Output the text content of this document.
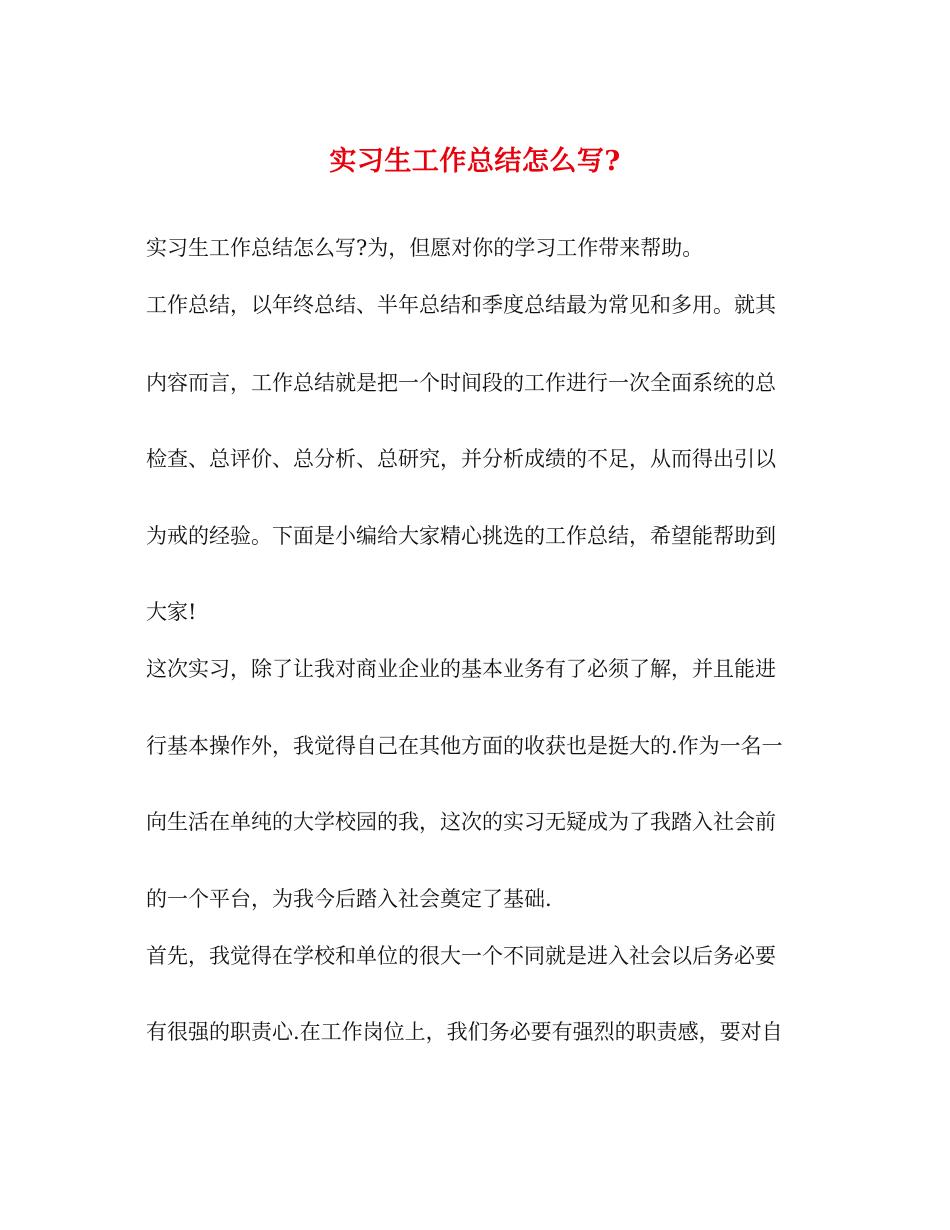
实习生工作总结怎么写?
实习生工作总结怎么写?为，但愿对你的学习工作带来帮助。
工作总结，以年终总结、半年总结和季度总结最为常见和多用。就其
内容而言，工作总结就是把一个时间段的工作进行一次全面系统的总
检查、总评价、总分析、总研究，并分析成绩的不足，从而得出引以
为戒的经验。下面是小编给大家精心挑选的工作总结，希望能帮助到
大家!
这次实习，除了让我对商业企业的基本业务有了必须了解，并且能进
行基本操作外，我觉得自己在其他方面的收获也是挺大的.作为一名一
向生活在单纯的大学校园的我，这次的实习无疑成为了我踏入社会前
的一个平台，为我今后踏入社会奠定了基础.
首先，我觉得在学校和单位的很大一个不同就是进入社会以后务必要
有很强的职责心.在工作岗位上，我们务必要有强烈的职责感，要对自
